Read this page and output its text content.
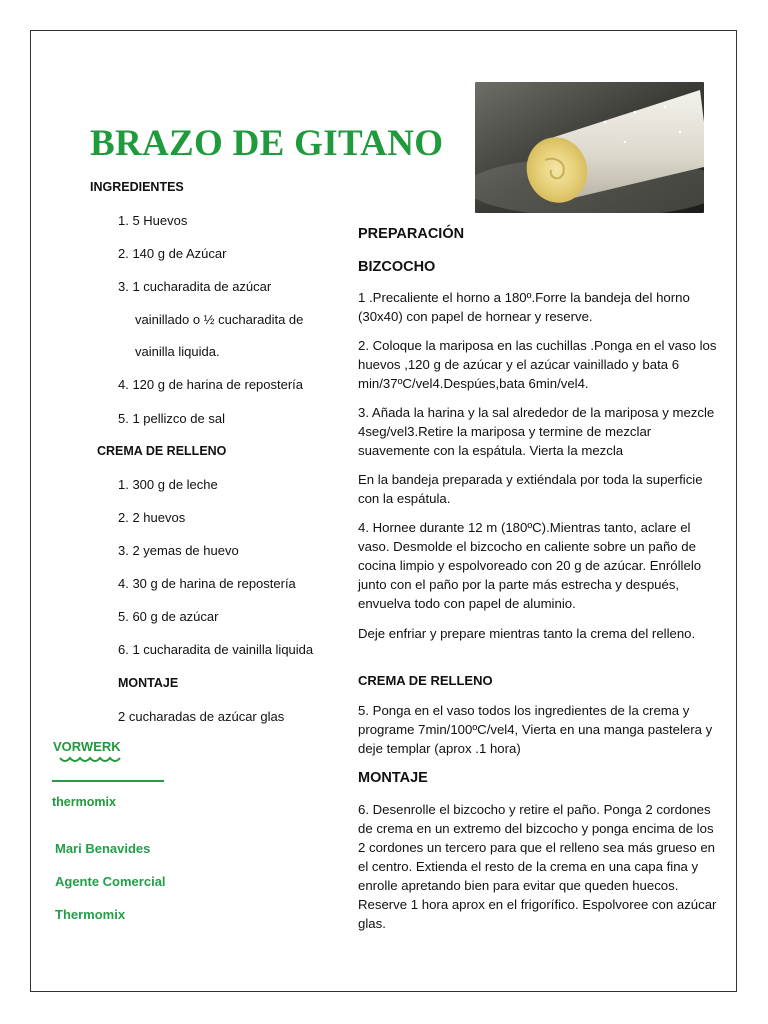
BRAZO DE GITANO
INGREDIENTES
1. 5 Huevos
2. 140 g de Azúcar
3. 1 cucharadita de azúcar
vainillado o ½ cucharadita de
vainilla liquida.
4. 120 g de harina de repostería
5. 1 pellizco de sal
CREMA DE RELLENO
1. 300 g de leche
2. 2 huevos
3. 2 yemas de huevo
4. 30 g de harina de repostería
5. 60 g de azúcar
6. 1 cucharadita de vainilla liquida
MONTAJE
2 cucharadas de azúcar glas
VORWERK
thermomix
Mari Benavides
Agente Comercial
Thermomix
PREPARACIÓN
BIZCOCHO
1 .Precaliente el horno a 180º.Forre la bandeja del horno (30x40) con papel de hornear y reserve.
2. Coloque la mariposa en las cuchillas .Ponga en el vaso los huevos ,120 g de azúcar y el azúcar vainillado y bata 6 min/37ºC/vel4.Despúes,bata 6min/vel4.
3. Añada la harina y la sal alrededor de la mariposa y mezcle 4seg/vel3.Retire la mariposa y termine de mezclar suavemente con la espátula. Vierta la mezcla
En la bandeja preparada y extiéndala por toda la superficie con la espátula.
4. Hornee durante 12 m (180ºC).Mientras tanto, aclare el vaso. Desmolde el bizcocho en caliente sobre un paño de cocina limpio y espolvoreado con 20 g de azúcar. Enróllelo junto con el paño por la parte más estrecha y después, envuelva todo con papel de aluminio.
Deje enfriar y prepare mientras tanto la crema del relleno.
CREMA DE RELLENO
5. Ponga en el vaso todos los ingredientes de la crema y programe 7min/100ºC/vel4, Vierta en una manga pastelera y deje templar (aprox .1 hora)
MONTAJE
6. Desenrolle el bizcocho y retire el paño. Ponga 2 cordones de crema en un extremo del bizcocho y ponga encima de los 2 cordones un tercero para que el relleno sea más grueso en el centro. Extienda el resto de la crema en una capa fina y enrolle apretando bien para evitar que queden huecos. Reserve 1 hora aprox en el frigorífico. Espolvoree con azúcar glas.
